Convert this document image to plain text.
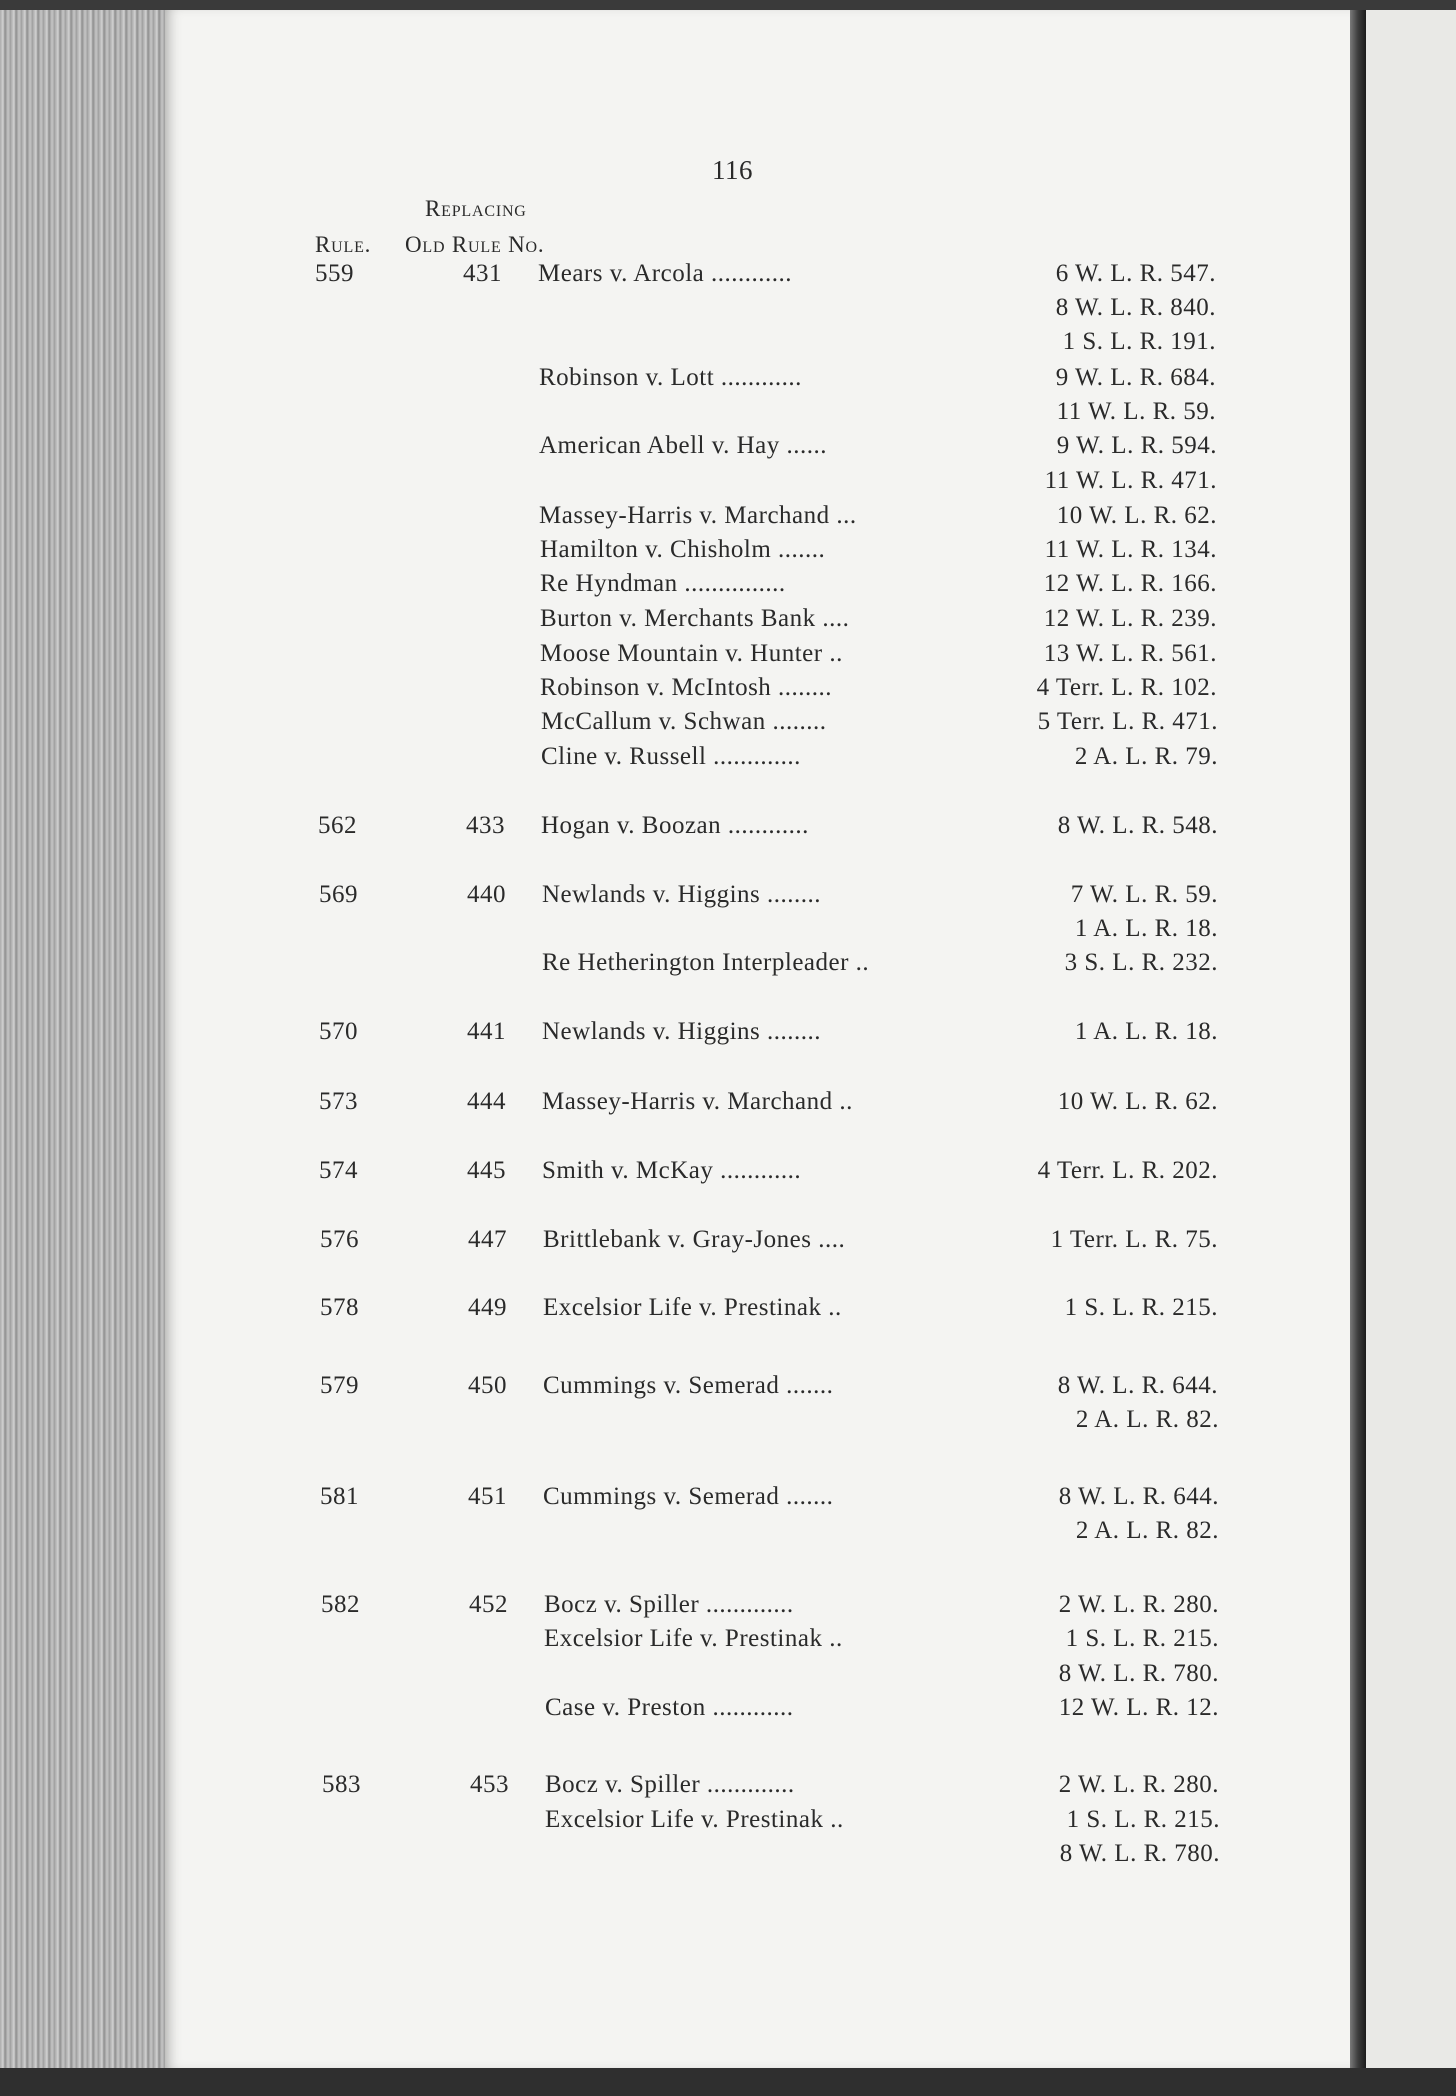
116
Replacing
Rule. Old Rule No.
559	431 Mears v. Arcola ............	6 W. L. R. 547.
8 W. L. R. 840.
1 S. L. R. 191.
Robinson v. Lott ............	9 W. L. R. 684.
11 W. L. R. 59.
American Abell v. Hay ......	9 W. L. R. 594.
11 W. L. R. 471.
Massey-Harris v. Marchand ...	10 W. L. R. 62.
Hamilton v. Chisholm .......	11 W. L. R. 134.
Re Hyndman ...............	12 W. L. R. 166.
Burton v. Merchants Bank ....	12 W. L. R. 239.
Moose Mountain v. Hunter ..	13 W. L. R. 561.
Robinson v. McIntosh ........	4 Terr. L. R. 102.
McCallum v. Schwan ........	5 Terr. L. R. 471.
Cline v. Russell .............	2 A. L. R. 79.
562	433 Hogan v. Boozan ............	8 W. L. R. 548.
569	440 Newlands v. Higgins ........	7 W. L. R. 59.
1 A. L. R. 18.
Re Hetherington Interpleader ..	3 S. L. R. 232.
570	441 Newlands v. Higgins ........	1 A. L. R. 18.
573	444 Massey-Harris v. Marchand ..	10 W. L. R. 62.
574	445 Smith v. McKay ............	4 Terr. L. R. 202.
576	447 Brittlebank v. Gray-Jones ....	1 Terr. L. R. 75.
578	449 Excelsior Life v. Prestinak ..	1 S. L. R. 215.
579	450 Cummings v. Semerad .......	8 W. L. R. 644.
2 A. L. R. 82.
581	451 Cummings v. Semerad .......	8 W. L. R. 644.
2 A. L. R. 82.
582	452 Bocz v. Spiller .............	2 W. L. R. 280.
Excelsior Life v. Prestinak ..	1 S. L. R. 215.
8 W. L. R. 780.
Case v. Preston ............	12 W. L. R. 12.
583	453 Bocz v. Spiller .............	2 W. L. R. 280.
Excelsior Life v. Prestinak ..	1 S. L. R. 215.
8 W. L. R. 780.
